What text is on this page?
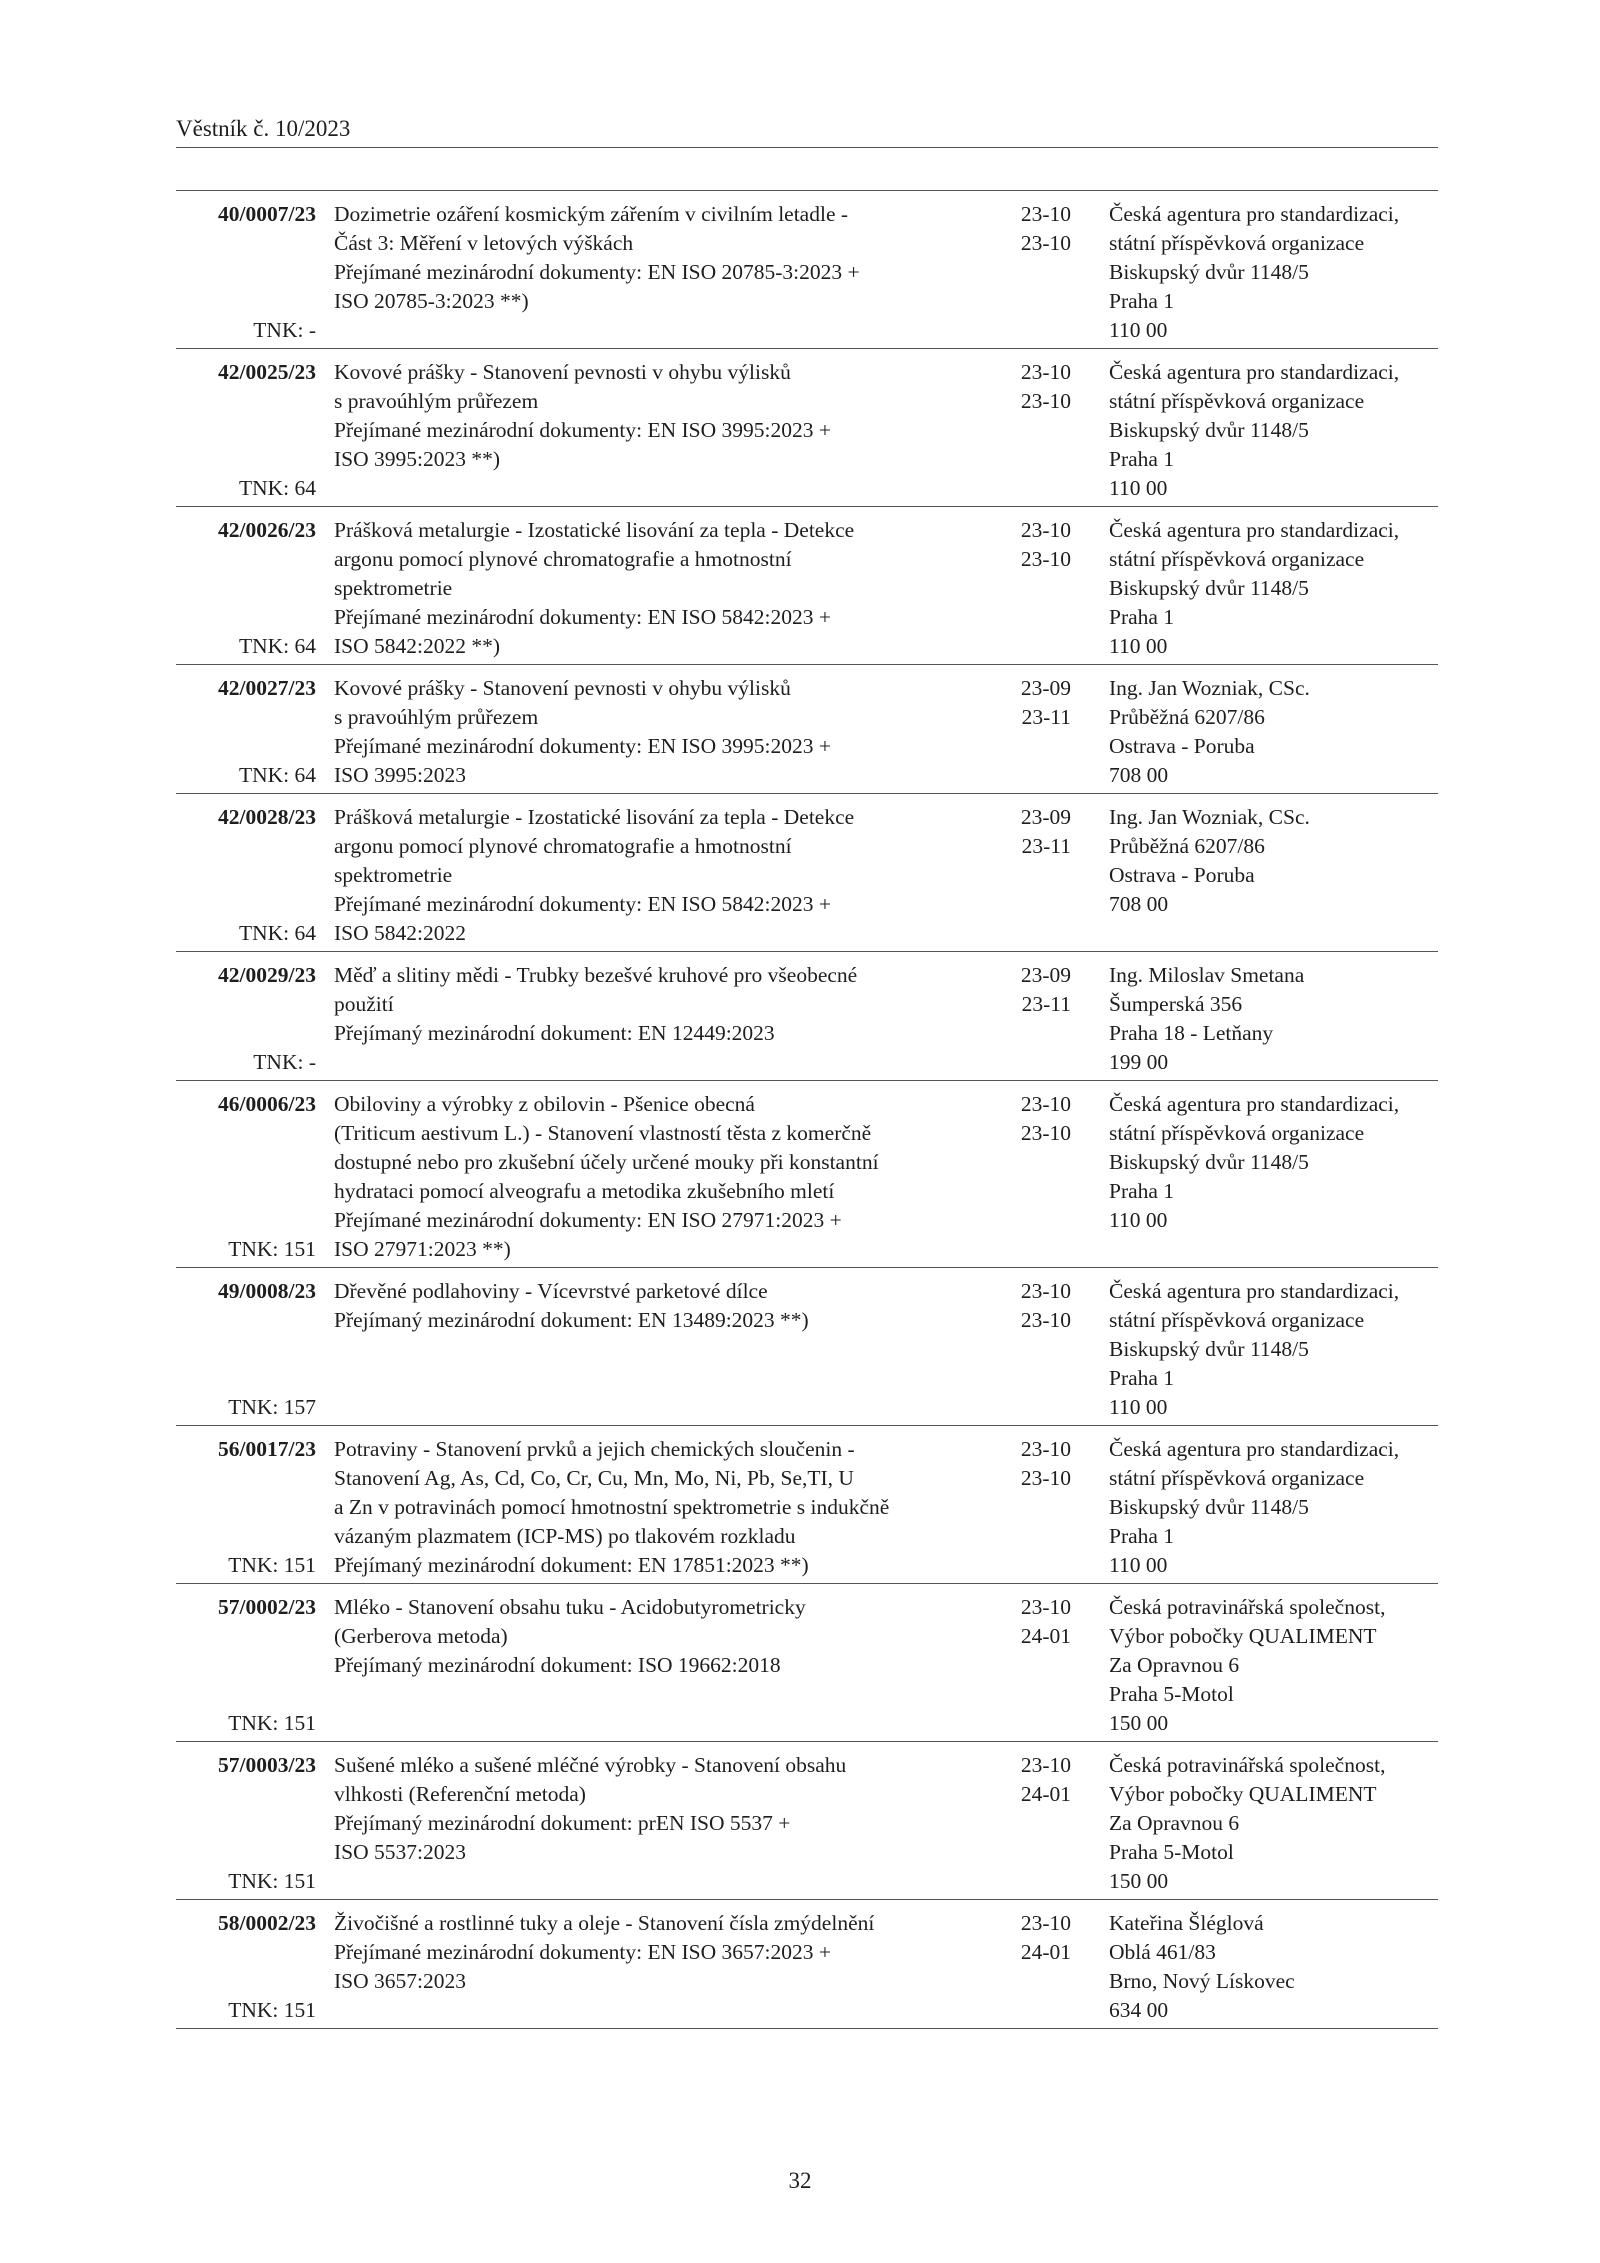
Věstník č. 10/2023
40/0007/23
TNK: -
Dozimetrie ozáření kosmickým zářením v civilním letadle -
Část 3: Měření v letových výškách
Přejímané mezinárodní dokumenty: EN ISO 20785-3:2023 +
ISO 20785-3:2023 **)
23-10
23-10
Česká agentura pro standardizaci,
státní příspěvková organizace
Biskupský dvůr 1148/5
Praha 1
110 00
42/0025/23
TNK: 64
Kovové prášky - Stanovení pevnosti v ohybu výlisků
s pravoúhlým průřezem
Přejímané mezinárodní dokumenty: EN ISO 3995:2023 +
ISO 3995:2023 **)
23-10
23-10
Česká agentura pro standardizaci,
státní příspěvková organizace
Biskupský dvůr 1148/5
Praha 1
110 00
42/0026/23
TNK: 64
Prášková metalurgie - Izostatické lisování za tepla - Detekce
argonu pomocí plynové chromatografie a hmotnostní
spektrometrie
Přejímané mezinárodní dokumenty: EN ISO 5842:2023 +
ISO 5842:2022 **)
23-10
23-10
Česká agentura pro standardizaci,
státní příspěvková organizace
Biskupský dvůr 1148/5
Praha 1
110 00
42/0027/23
TNK: 64
Kovové prášky - Stanovení pevnosti v ohybu výlisků
s pravoúhlým průřezem
Přejímané mezinárodní dokumenty: EN ISO 3995:2023 +
ISO 3995:2023
23-09
23-11
Ing. Jan Wozniak, CSc.
Průběžná 6207/86
Ostrava - Poruba
708 00
42/0028/23
TNK: 64
Prášková metalurgie - Izostatické lisování za tepla - Detekce
argonu pomocí plynové chromatografie a hmotnostní
spektrometrie
Přejímané mezinárodní dokumenty: EN ISO 5842:2023 +
ISO 5842:2022
23-09
23-11
Ing. Jan Wozniak, CSc.
Průběžná 6207/86
Ostrava - Poruba
708 00
42/0029/23
TNK: -
Měď a slitiny mědi - Trubky bezešvé kruhové pro všeobecné
použití
Přejímaný mezinárodní dokument: EN 12449:2023
23-09
23-11
Ing. Miloslav Smetana
Šumperská 356
Praha 18 - Letňany
199 00
46/0006/23
TNK: 151
Obiloviny a výrobky z obilovin - Pšenice obecná
(Triticum aestivum L.) - Stanovení vlastností těsta z komerčně
dostupné nebo pro zkušební účely určené mouky při konstantní
hydrataci pomocí alveografu a metodika zkušebního mletí
Přejímané mezinárodní dokumenty: EN ISO 27971:2023 +
ISO 27971:2023 **)
23-10
23-10
Česká agentura pro standardizaci,
státní příspěvková organizace
Biskupský dvůr 1148/5
Praha 1
110 00
49/0008/23
TNK: 157
Dřevěné podlahoviny - Vícevrstvé parketové dílce
Přejímaný mezinárodní dokument: EN 13489:2023 **)
23-10
23-10
Česká agentura pro standardizaci,
státní příspěvková organizace
Biskupský dvůr 1148/5
Praha 1
110 00
56/0017/23
TNK: 151
Potraviny - Stanovení prvků a jejich chemických sloučenin -
Stanovení Ag, As, Cd, Co, Cr, Cu, Mn, Mo, Ni, Pb, Se,TI, U
a Zn v potravinách pomocí hmotnostní spektrometrie s indukčně
vázaným plazmatem (ICP-MS) po tlakovém rozkladu
Přejímaný mezinárodní dokument: EN 17851:2023 **)
23-10
23-10
Česká agentura pro standardizaci,
státní příspěvková organizace
Biskupský dvůr 1148/5
Praha 1
110 00
57/0002/23
TNK: 151
Mléko - Stanovení obsahu tuku - Acidobutyrometricky
(Gerberova metoda)
Přejímaný mezinárodní dokument: ISO 19662:2018
23-10
24-01
Česká potravinářská společnost,
Výbor pobočky QUALIMENT
Za Opravnou 6
Praha 5-Motol
150 00
57/0003/23
TNK: 151
Sušené mléko a sušené mléčné výrobky - Stanovení obsahu
vlhkosti (Referenční metoda)
Přejímaný mezinárodní dokument: prEN ISO 5537 +
ISO 5537:2023
23-10
24-01
Česká potravinářská společnost,
Výbor pobočky QUALIMENT
Za Opravnou 6
Praha 5-Motol
150 00
58/0002/23
TNK: 151
Živočišné a rostlinné tuky a oleje - Stanovení čísla zmýdelnění
Přejímané mezinárodní dokumenty: EN ISO 3657:2023 +
ISO 3657:2023
23-10
24-01
Kateřina Šléglová
Oblá 461/83
Brno, Nový Lískovec
634 00
32
